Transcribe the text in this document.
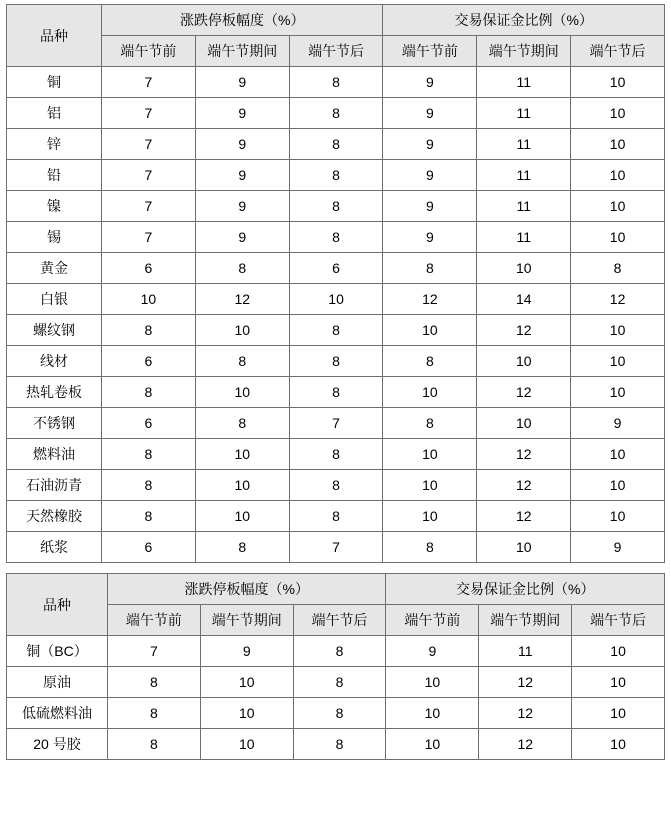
品种	涨跌停板幅度（%）			交易保证金比例（%）		
	端午节前	端午节期间	端午节后	端午节前	端午节期间	端午节后
铜	7	9	8	9	11	10
铝	7	9	8	9	11	10
锌	7	9	8	9	11	10
铅	7	9	8	9	11	10
镍	7	9	8	9	11	10
锡	7	9	8	9	11	10
黄金	6	8	6	8	10	8
白银	10	12	10	12	14	12
螺纹钢	8	10	8	10	12	10
线材	6	8	8	8	10	10
热轧卷板	8	10	8	10	12	10
不锈钢	6	8	7	8	10	9
燃料油	8	10	8	10	12	10
石油沥青	8	10	8	10	12	10
天然橡胶	8	10	8	10	12	10
纸浆	6	8	7	8	10	9
品种	涨跌停板幅度（%）			交易保证金比例（%）		
	端午节前	端午节期间	端午节后	端午节前	端午节期间	端午节后
铜（BC）	7	9	8	9	11	10
原油	8	10	8	10	12	10
低硫燃料油	8	10	8	10	12	10
20 号胶	8	10	8	10	12	10
